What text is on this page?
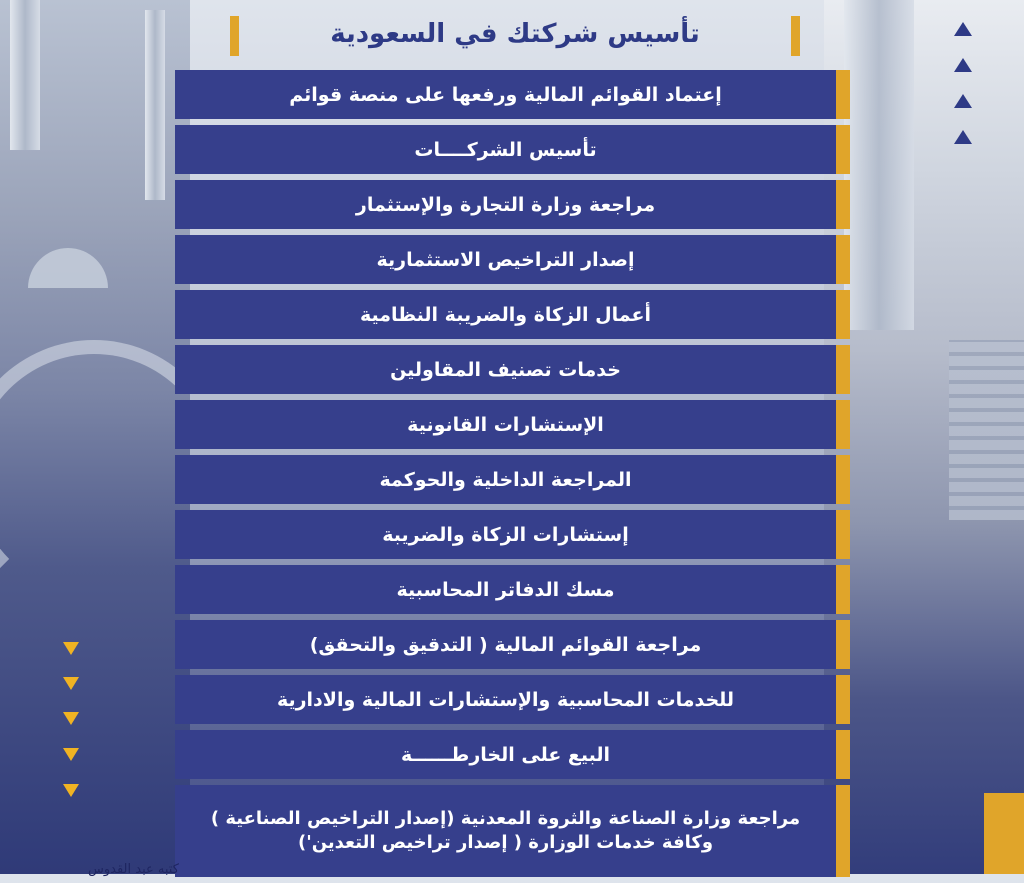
تأسيس شركتك في السعودية
إعتماد القوائم المالية ورفعها على منصة قوائم
تأسيس الشركــــات
مراجعة وزارة التجارة والإستثمار
إصدار التراخيص الاستثمارية
أعمال الزكاة والضريبة النظامية
خدمات تصنيف المقاولين
الإستشارات القانونية
المراجعة الداخلية والحوكمة
إستشارات الزكاة والضريبة
مسك الدفاتر المحاسبية
مراجعة القوائم المالية ( التدقيق والتحقق)
للخدمات المحاسبية والإستشارات المالية والادارية
البيع على الخارطــــــة
مراجعة وزارة الصناعة والثروة المعدنية (إصدار التراخيص الصناعية )
وكافة خدمات الوزارة ( إصدار تراخيص التعدين')
كتبه عبد القدوس
